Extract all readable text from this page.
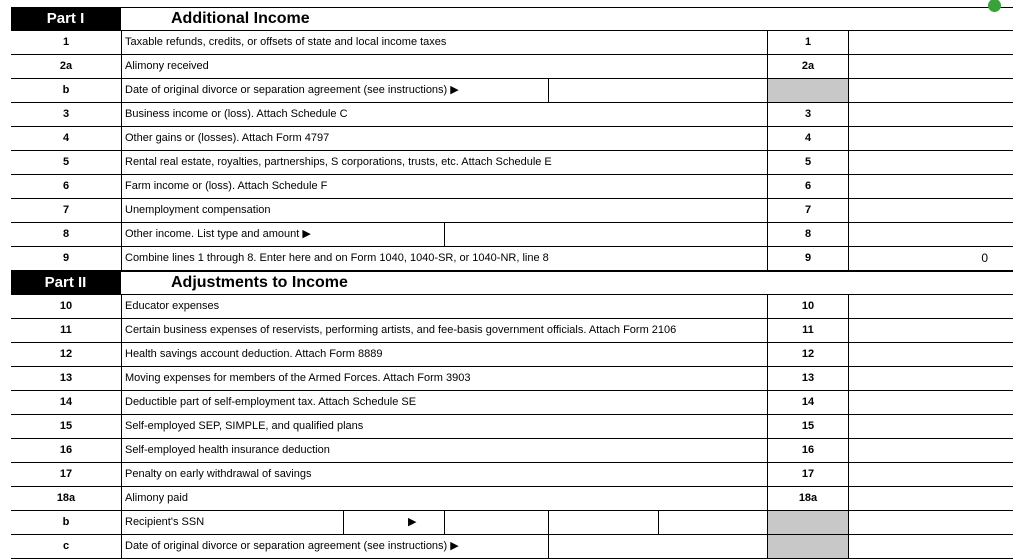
Part I	Additional Income
1	Taxable refunds, credits, or offsets of state and local income taxes	1
2a	Alimony received	2a
b	Date of original divorce or separation agreement (see instructions) ▶
3	Business income or (loss). Attach Schedule C	3
4	Other gains or (losses). Attach Form 4797	4
5	Rental real estate, royalties, partnerships, S corporations, trusts, etc. Attach Schedule E	5
6	Farm income or (loss). Attach Schedule F	6
7	Unemployment compensation	7
8	Other income. List type and amount ▶	8
9	Combine lines 1 through 8. Enter here and on Form 1040, 1040-SR, or 1040-NR, line 8	9	0
Part II	Adjustments to Income
10	Educator expenses	10
11	Certain business expenses of reservists, performing artists, and fee-basis government officials. Attach Form 2106	11
12	Health savings account deduction. Attach Form 8889	12
13	Moving expenses for members of the Armed Forces. Attach Form 3903	13
14	Deductible part of self-employment tax. Attach Schedule SE	14
15	Self-employed SEP, SIMPLE, and qualified plans	15
16	Self-employed health insurance deduction	16
17	Penalty on early withdrawal of savings	17
18a	Alimony paid	18a
b	Recipient's SSN	▶
c	Date of original divorce or separation agreement (see instructions) ▶
